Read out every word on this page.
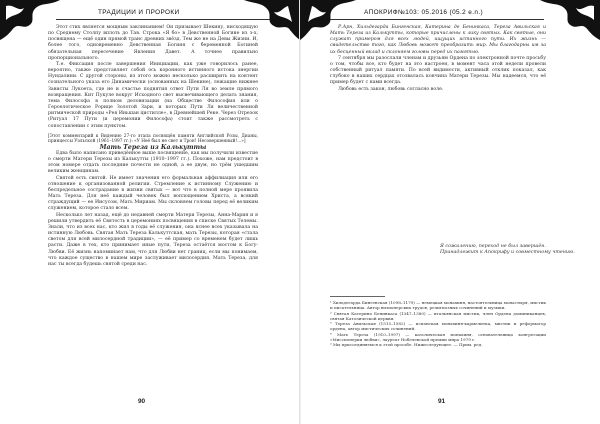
ТРАДИЦИИ И ПРОРОКИ

Этот стих является мощным заклинанием! Он призывает Шекину, нисходящую по Среднему Столпу вплоть до Тав. Строка «Я бо» в Девственной Богине из з-х, посвящена — ещё один прямой транс древних звёзд. Тем же не на Девы Жизни. И, более того, одновременно Девственная Богиня с беременной Богиней обязательная пересечение Явления Давет. А точнее правильно пропорционального.

Т.е. Фиксация после завершения Инициации, как уже говорилось ранее, вероятно, также представляет собой ось коронного истинного истока энергии Нундалини. С другой стороны, из этого можно несколько расширить на контент сознательного указа его Динамически (основанных на Шекине), лежащие нижнее Зависты Лукоета, где не и счастье поднятия ответ Пути Ля во земле прямого возвращения. Кит Пукуле вокруг Исходного свет высвечивающего делать знания, тема Философа в полном деловизации (на Обществе Философия или о Героелогическое Рорице Золотой Зари, и которых Пути Ля величественной ритмической природы «Рея Иньшан цистилле», в Древнейшей Реке. Через Отрезок (Ритуал 17 Пути (и церемонии Философа) стоит также рассмотреть с сопоставлении с этим пунктом.

[Этот комментарий к Видению 27-го этапа посвящён памяти Английской Розы, Дианы, принцессы Уэльской (1961–1997 гг.): «У Неё был не свет и Трон! Несовершенный!...»]

Мать Тереза из Калькутты

Едва было написано приведённое выше посвящение, как мы получили известие о смерти Матери Терезы из Калькутты (1910–1997 гг.). Похоже, нам предстоит в этом номере отдать последние почести не одной, а ее двум, но трём ушедшим великим женщинам.

Святой есть святой. Не имеет значения его формальная аффилиация или его отношение к организованной религии. Стремление к истинному Служению и беспредельное сострадание в жизни святых — вот что в полной мере проявила Мать Тереза. Для неё каждый человек был воплощением Христа, а всякий страждущий — ее Иисусом, Мать Мириам. Мы склоняем головы перед её великим служением, которое стало всем.

Несколько лет назад, ещё до недавней смерти Матери Терезы, Анна-Мария и я решили утвердить её Святость в церемониях посвящения в списке Святых Телемы. Знали, что из всех нас, кто жил в годы её служения, она яснее всех указывала на истинную Любовь. Святая Мать Тереза Калькуттская, мать Терезы, которая «стала светом для всей милосердной традиции», — её пример со временем будет лишь расти. Даже в тех, кто принимает иные пути, Тереза остаётся мостом к Богу-Любви. Её жизнь напоминает нам, что для Любви нет границ, если мы понимаем, что каждое существо в нашем мире заслуживает милосердия. Мать Тереза, для нас ты всегда будешь святой среди нас.

90
АПОКРИФ№103: 05.2016 (05.2 e.n.)

Р.Арн, Хильдегарда Бингенская, Катерина де Бенинкаса, Тереза Авильская и Мать Тереза из Калькутты, которые причислены к лику святых. Как святые, они служат примером для всех людей, ищущих истинного пути. Их жизнь — свидетельство того, как Любовь может преобразить мир. Мы благодарны им за их бесценный вклад и склоняем головы перед их памятью.

7 сентября мы разослали членам и друзьям Ордена по электронной почте просьбу о том, чтобы все, кто будет на это настроен, в момент часа этой недели провели собственный ритуал памяти. По всей видимости, активный отклик показал, как глубоко в наших сердцах отозвалась кончина Матери Терезы. Мы надеемся, что её пример будет с нами всегда.

Любовь есть закон, любовь согласно воле.

Я сожалению, переход не был завершён.
Принадлежит к Апокрифу и совместному чтению.
¹ Хильдегарда Бингенская (1098–1179) — немецкая монахиня, настоятельница монастыря, мистик и писательница. Автор визионерских трудов, религиозных сочинений и музыки.
² Святая Катерина Бенинкаса (1347–1380) — итальянская мистик, член Ордена доминиканцев, святая Католической церкви.
³ Тереза Авильская (1515–1582) — испанская монахиня-кармелитка, мистик и реформатор ордена, автор мистических сочинений.
⁴ Мать Тереза (1910–1997) — католическая монахиня, основательница конгрегации «Миссионерки любви», лауреат Нобелевской премии мира 1979 г.
⁵ Мы присоединяемся к этой просьбе. Нижеследующее. — Прим. ред.
91
